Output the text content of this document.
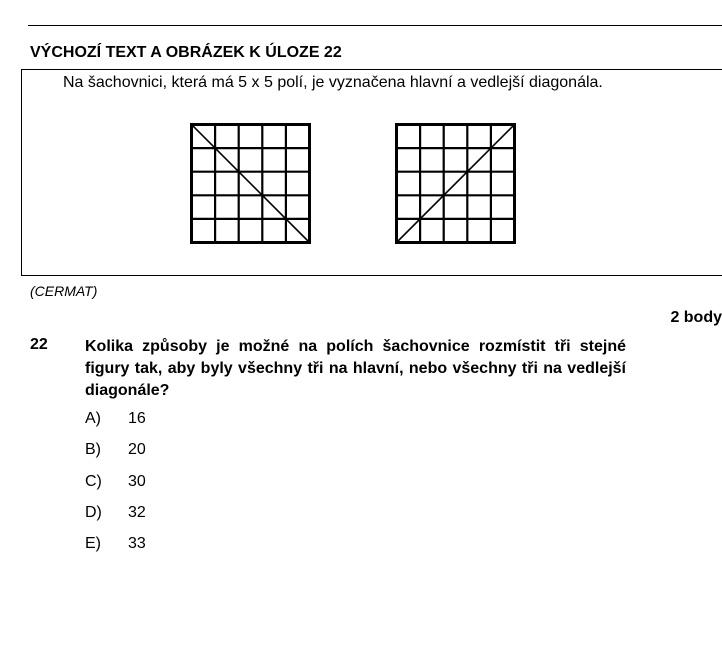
VÝCHOZÍ TEXT A OBRÁZEK K ÚLOZE 22
Na šachovnici, která má 5 x 5 polí, je vyznačena hlavní a vedlejší diagonála.
(CERMAT)
2 body
22 Kolika způsoby je možné na polích šachovnice rozmístit tři stejné figury tak, aby byly všechny tři na hlavní, nebo všechny tři na vedlejší diagonále?
A)	16
B)	20
C)	30
D)	32
E)	33
